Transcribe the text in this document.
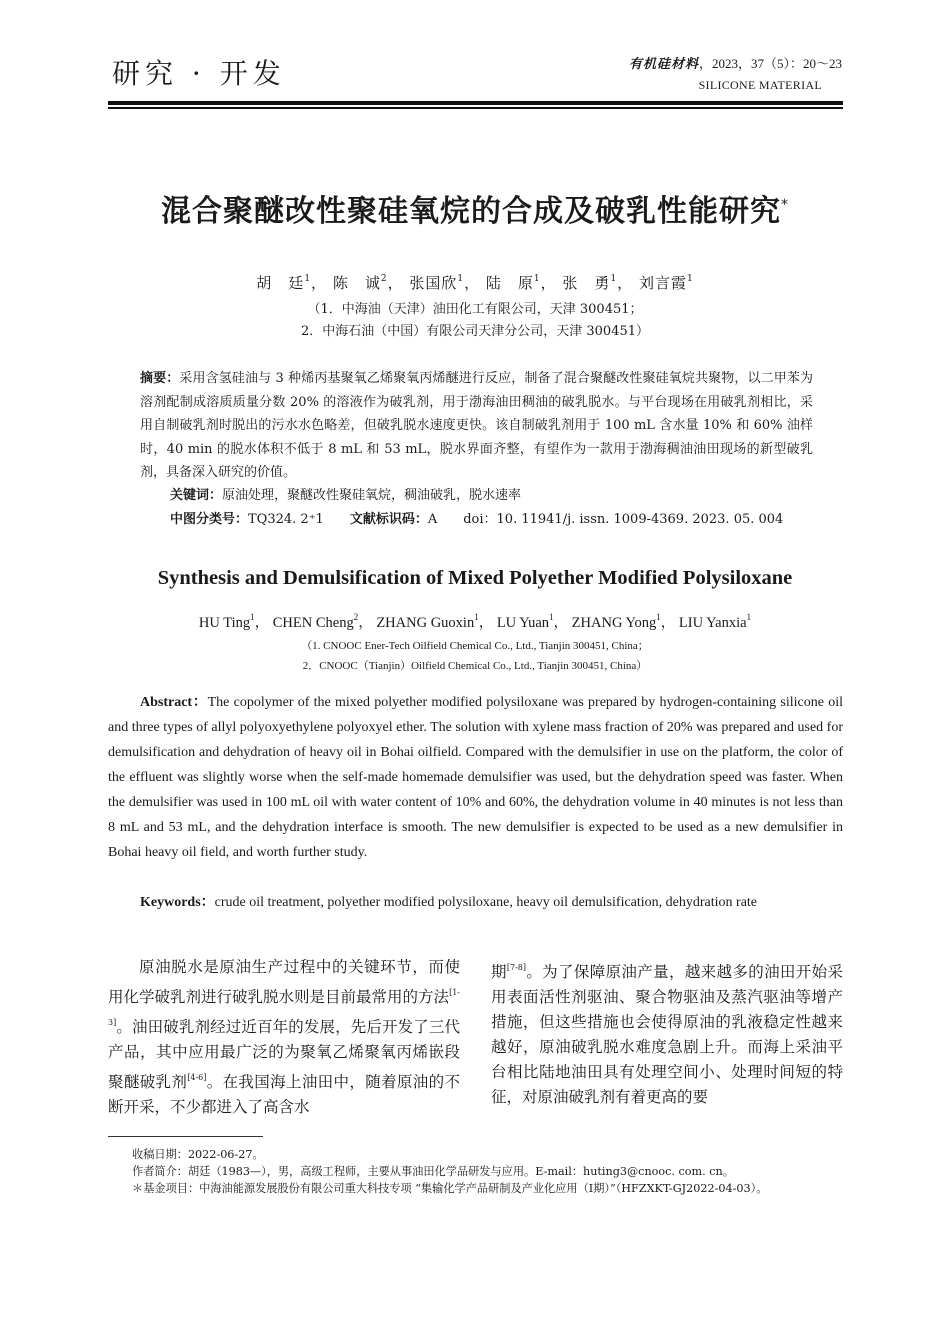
研究 · 开发	有机硅材料，2023，37（5）：20～23
SILICONE MATERIAL
混合聚醚改性聚硅氧烷的合成及破乳性能研究*
胡　廷$^1$， 陈　诚$^2$， 张国欣$^1$， 陆　原$^1$， 张　勇$^1$， 刘言霞$^1$
（1．中海油（天津）油田化工有限公司，天津 300451；
2．中海石油（中国）有限公司天津分公司，天津 300451）
摘要：采用含氢硅油与 3 种烯丙基聚氧乙烯聚氧丙烯醚进行反应，制备了混合聚醚改性聚硅氧烷共聚物，以二甲苯为溶剂配制成溶质质量分数 20% 的溶液作为破乳剂，用于渤海油田稠油的破乳脱水。与平台现场在用破乳剂相比，采用自制破乳剂时脱出的污水水色略差，但破乳脱水速度更快。该自制破乳剂用于 100 mL 含水量 10% 和 60% 油样时，40 min 的脱水体积不低于 8 mL 和 53 mL，脱水界面齐整，有望作为一款用于渤海稠油油田现场的新型破乳剂，具备深入研究的价值。
关键词：原油处理，聚醚改性聚硅氧烷，稠油破乳，脱水速率
中图分类号：TQ324. 2⁺1 文献标识码：A doi：10. 11941/j. issn. 1009-4369. 2023. 05. 004
Synthesis and Demulsification of Mixed Polyether Modified Polysiloxane
HU Ting$^1$， CHEN Cheng$^2$， ZHANG Guoxin$^1$， LU Yuan$^1$， ZHANG Yong$^1$， LIU Yanxia$^1$
（1. CNOOC Ener-Tech Oilfield Chemical Co., Ltd., Tianjin 300451, China；
2．CNOOC（Tianjin）Oilfield Chemical Co., Ltd., Tianjin 300451, China）
Abstract：The copolymer of the mixed polyether modified polysiloxane was prepared by hydrogen-containing silicone oil and three types of allyl polyoxyethylene polyoxyel ether. The solution with xylene mass fraction of 20% was prepared and used for demulsification and dehydration of heavy oil in Bohai oilfield. Compared with the demulsifier in use on the platform, the color of the effluent was slightly worse when the self-made homemade demulsifier was used, but the dehydration speed was faster. When the demulsifier was used in 100 mL oil with water content of 10% and 60%, the dehydration volume in 40 minutes is not less than 8 mL and 53 mL, and the dehydration interface is smooth. The new demulsifier is expected to be used as a new demulsifier in Bohai heavy oil field, and worth further study.
Keywords：crude oil treatment, polyether modified polysiloxane, heavy oil demulsification, dehydration rate
原油脱水是原油生产过程中的关键环节，而使用化学破乳剂进行破乳脱水则是目前最常用的方法[1-3]。油田破乳剂经过近百年的发展，先后开发了三代产品，其中应用最广泛的为聚氧乙烯聚氧丙烯嵌段聚醚破乳剂[4-6]。在我国海上油田中，随着原油的不断开采，不少都进入了高含水
期[7-8]。为了保障原油产量，越来越多的油田开始采用表面活性剂驱油、聚合物驱油及蒸汽驱油等增产措施，但这些措施也会使得原油的乳液稳定性越来越好，原油破乳脱水难度急剧上升。而海上采油平台相比陆地油田具有处理空间小、处理时间短的特征，对原油破乳剂有着更高的要
收稿日期：2022-06-27。
作者简介：胡廷（1983—），男，高级工程师，主要从事油田化学品研发与应用。E-mail：huting3@cnooc. com. cn。
＊基金项目：中海油能源发展股份有限公司重大科技专项 “集输化学产品研制及产业化应用（Ⅰ期）”（HFZXKT-GJ2022-04-03）。
